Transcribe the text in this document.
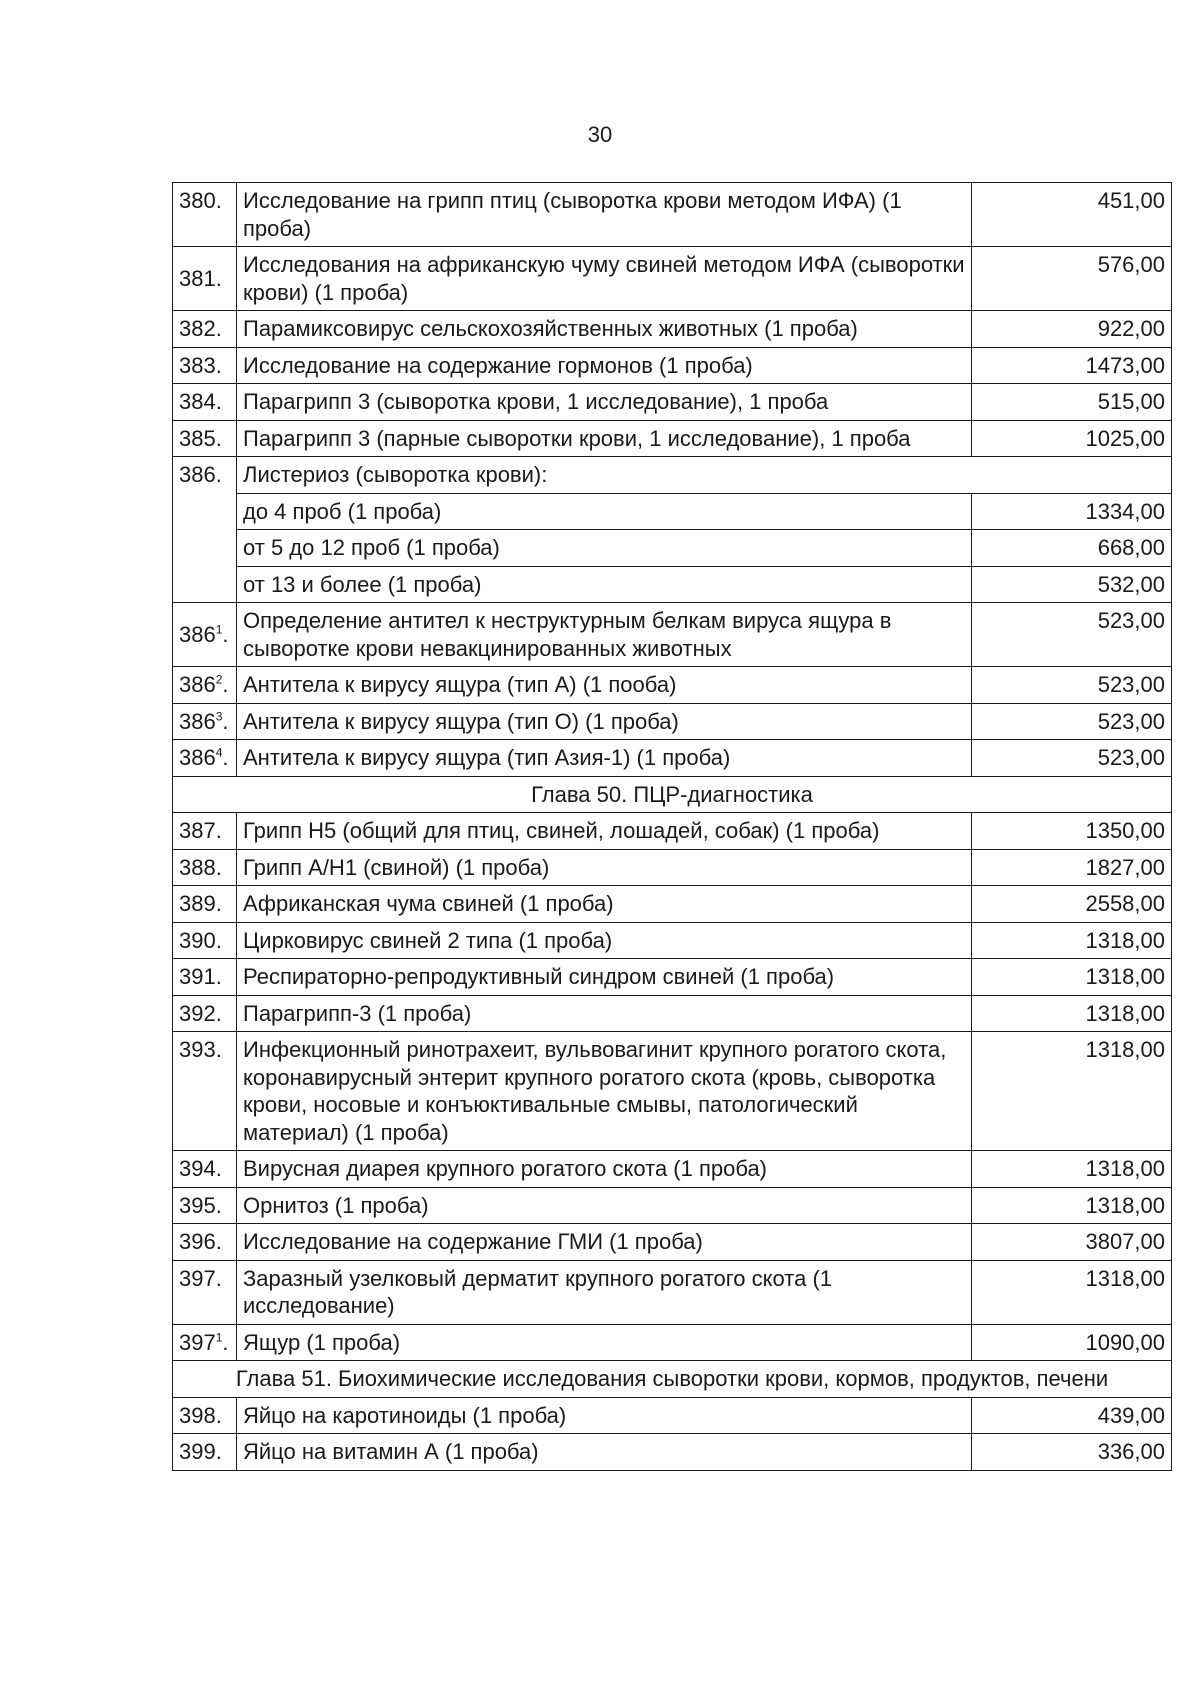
30
380.	Исследование на грипп птиц (сыворотка крови методом ИФА) (1 проба)	451,00
381.	Исследования на африканскую чуму свиней методом ИФА (сыворотки крови) (1 проба)	576,00
382.	Парамиксовирус сельскохозяйственных животных (1 проба)	922,00
383.	Исследование на содержание гормонов (1 проба)	1473,00
384.	Парагрипп 3 (сыворотка крови, 1 исследование), 1 проба	515,00
385.	Парагрипп 3 (парные сыворотки крови, 1 исследование), 1 проба	1025,00
386.	Листериоз (сыворотка крови):	
	до 4 проб (1 проба)	1334,00
	от 5 до 12 проб (1 проба)	668,00
	от 13 и более (1 проба)	532,00
$386^1$.	Определение антител к неструктурным белкам вируса ящура в сыворотке крови невакцинированных животных	523,00
$386^2$.	Антитела к вирусу ящура (тип А) (1 пооба)	523,00
$386^3$.	Антитела к вирусу ящура (тип О) (1 проба)	523,00
$386^4$.	Антитела к вирусу ящура (тип Азия-1) (1 проба)	523,00
Глава 50. ПЦР-диагностика		
387.	Грипп Н5 (общий для птиц, свиней, лошадей, собак) (1 проба)	1350,00
388.	Грипп А/Н1 (свиной) (1 проба)	1827,00
389.	Африканская чума свиней (1 проба)	2558,00
390.	Цирковирус свиней 2 типа (1 проба)	1318,00
391.	Респираторно-репродуктивный синдром свиней (1 проба)	1318,00
392.	Парагрипп-3 (1 проба)	1318,00
393.	Инфекционный ринотрахеит, вульвовагинит крупного рогатого скота, коронавирусный энтерит крупного рогатого скота (кровь, сыворотка крови, носовые и конъюктивальные смывы, патологический материал) (1 проба)	1318,00
394.	Вирусная диарея крупного рогатого скота (1 проба)	1318,00
395.	Орнитоз (1 проба)	1318,00
396.	Исследование на содержание ГМИ (1 проба)	3807,00
397.	Заразный узелковый дерматит крупного рогатого скота (1 исследование)	1318,00
$397^1$.	Ящур (1 проба)	1090,00
Глава 51. Биохимические исследования сыворотки крови, кормов, продуктов, печени		
398.	Яйцо на каротиноиды (1 проба)	439,00
399.	Яйцо на витамин А (1 проба)	336,00
